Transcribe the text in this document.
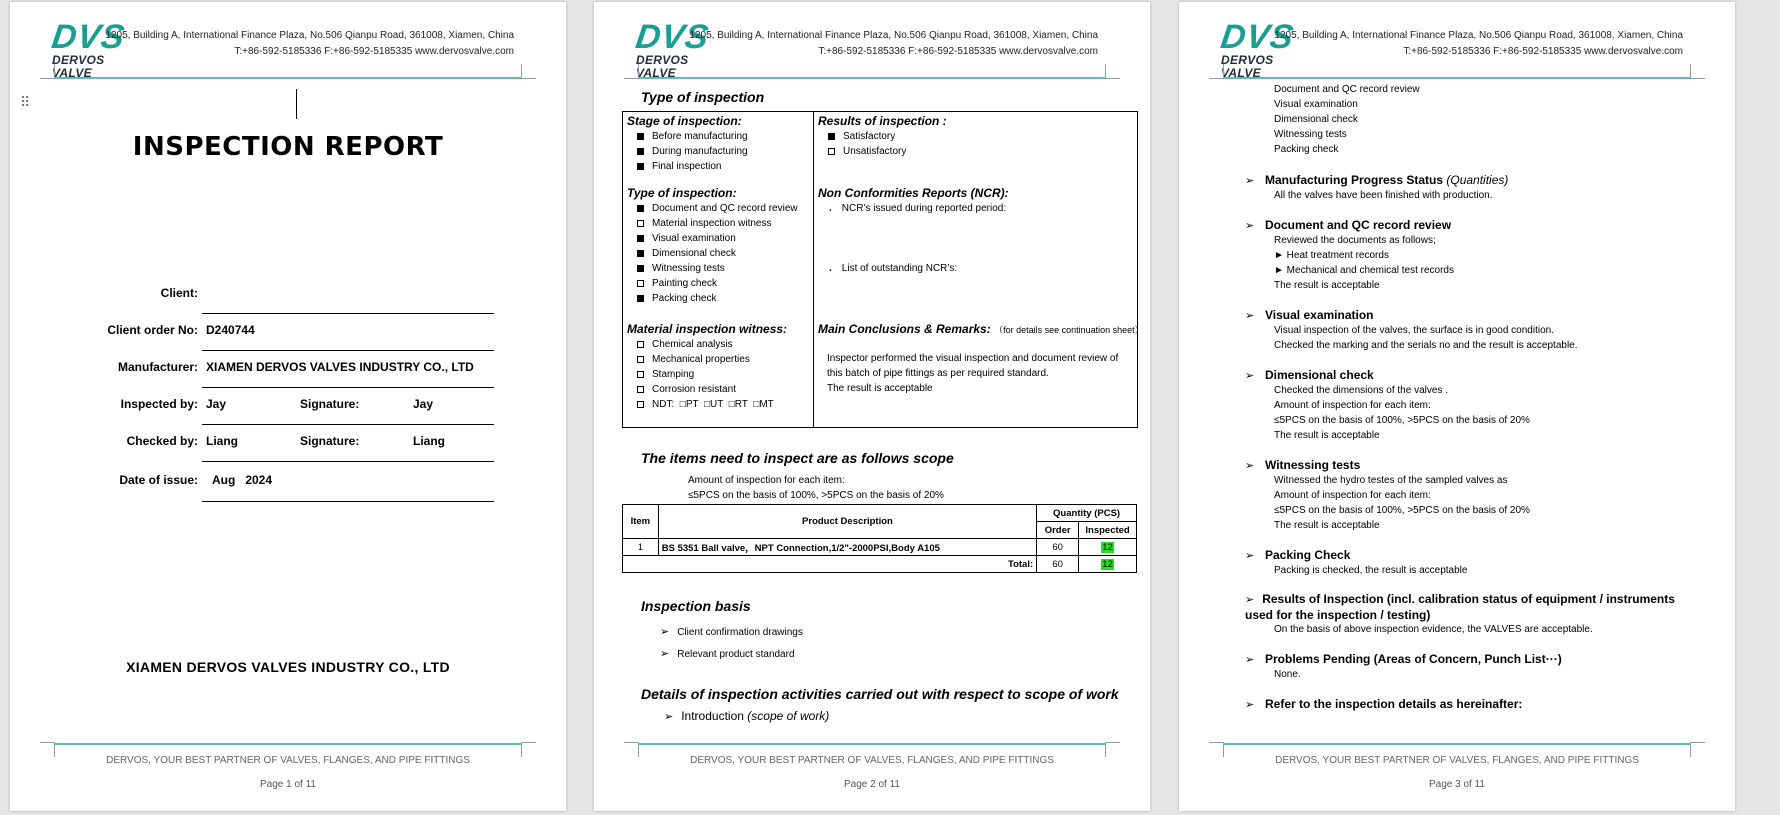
DVS
DERVOS VALVE
1205, Building A, International Finance Plaza, No.506 Qianpu Road, 361008, Xiamen, China
T:+86-592-5185336 F:+86-592-5185335 www.dervosvalve.com
⠿
INSPECTION REPORT
Client:
Client order No: D240744
Manufacturer: XIAMEN DERVOS VALVES INDUSTRY CO., LTD
Inspected by: Jay	Signature:	Jay
Checked by: Liang	Signature:	Liang
Date of issue: Aug   2024
XIAMEN DERVOS VALVES INDUSTRY CO., LTD
DERVOS, YOUR BEST PARTNER OF VALVES, FLANGES, AND PIPE FITTINGS
Page 1 of 11
DVS
DERVOS VALVE
1205, Building A, International Finance Plaza, No.506 Qianpu Road, 361008, Xiamen, China
T:+86-592-5185336 F:+86-592-5185335 www.dervosvalve.com
Type of inspection
Stage of inspection:
Before manufacturing
During manufacturing
Final inspection
Type of inspection:
Document and QC record review
Material inspection witness
Visual examination
Dimensional check
Witnessing tests
Painting check
Packing check
Material inspection witness:
Chemical analysis
Mechanical properties
Stamping
Corrosion resistant
NDT:  □PT  □UT  □RT  □MT
Results of inspection :
Satisfactory
Unsatisfactory
Non Conformities Reports (NCR):
. NCR’s issued during reported period:
. List of outstanding NCR’s:
Main Conclusions & Remarks: （for details see continuation sheet）
Inspector performed the visual inspection and document review of
this batch of pipe fittings as per required standard.
The result is acceptable
The items need to inspect are as follows scope
Amount of inspection for each item:
≤5PCS on the basis of 100%, >5PCS on the basis of 20%
Item	Product Description	Quantity (PCS)	
		Order	Inspected
1	BS 5351 Ball valve，NPT Connection,1/2"-2000PSI,Body A105	60	12
Total:		60	12
Inspection basis
➢ Client confirmation drawings
➢ Relevant product standard
Details of inspection activities carried out with respect to scope of work
➢ Introduction (scope of work)
DERVOS, YOUR BEST PARTNER OF VALVES, FLANGES, AND PIPE FITTINGS
Page 2 of 11
DVS
DERVOS VALVE
1205, Building A, International Finance Plaza, No.506 Qianpu Road, 361008, Xiamen, China
T:+86-592-5185336 F:+86-592-5185335 www.dervosvalve.com
Document and QC record review
Visual examination
Dimensional check
Witnessing tests
Packing check
➢ Manufacturing Progress Status (Quantities)
All the valves have been finished with production.
➢ Document and QC record review
Reviewed the documents as follows;
► Heat treatment records
► Mechanical and chemical test records
The result is acceptable
➢ Visual examination
Visual inspection of the valves, the surface is in good condition.
Checked the marking and the serials no and the result is acceptable.
➢ Dimensional check
Checked the dimensions of the valves .
Amount of inspection for each item:
≤5PCS on the basis of 100%, >5PCS on the basis of 20%
The result is acceptable
➢ Witnessing tests
Witnessed the hydro testes of the sampled valves as
Amount of inspection for each item:
≤5PCS on the basis of 100%, >5PCS on the basis of 20%
The result is acceptable
➢ Packing Check
Packing is checked, the result is acceptable
➢ Results of Inspection (incl. calibration status of equipment / instruments used for the inspection / testing)
On the basis of above inspection evidence, the VALVES are acceptable.
➢ Problems Pending (Areas of Concern, Punch List···)
None.
➢ Refer to the inspection details as hereinafter:
DERVOS, YOUR BEST PARTNER OF VALVES, FLANGES, AND PIPE FITTINGS
Page 3 of 11
